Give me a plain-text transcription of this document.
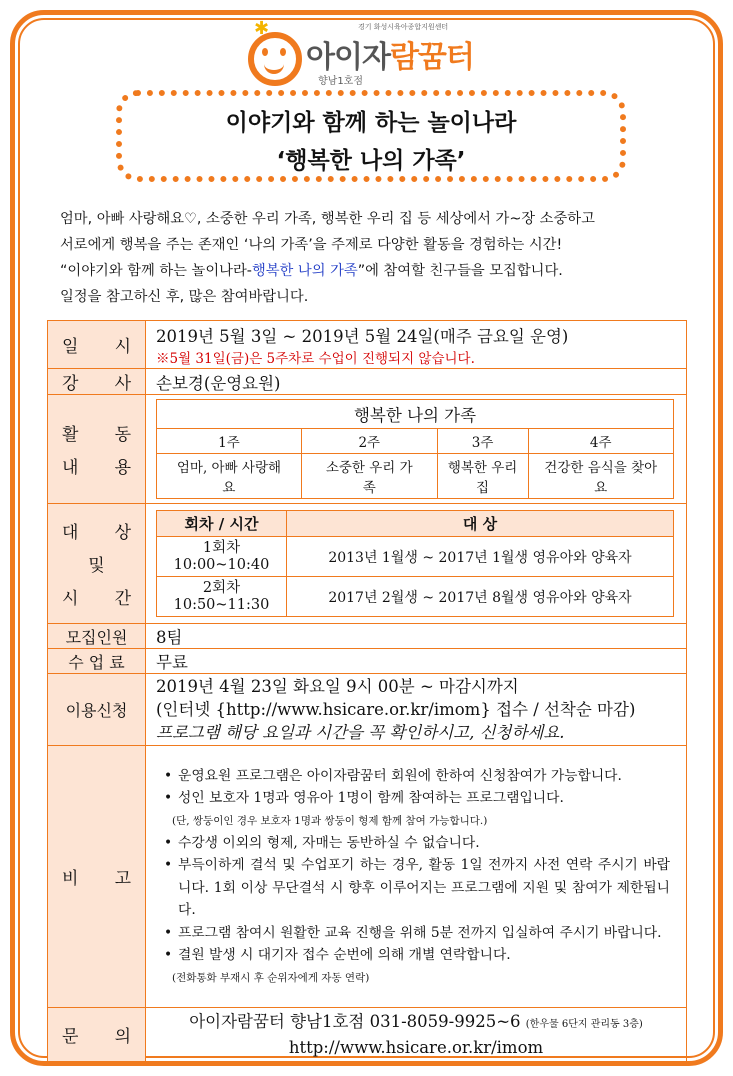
✱	경기 화성시육아종합지원센터
아이자람꿈터
향남1호점
이야기와 함께 하는 놀이나라
‘행복한 나의 가족’
엄마, 아빠 사랑해요♡, 소중한 우리 가족, 행복한 우리 집 등 세상에서 가~장 소중하고
서로에게 행복을 주는 존재인 ‘나의 가족’을 주제로 다양한 활동을 경험하는 시간!
“이야기와 함께 하는 놀이나라-행복한 나의 가족”에 참여할 친구들을 모집합니다.
일정을 참고하신 후, 많은 참여바랍니다.
일 시

2019년 5월 3일 ~ 2019년 5월 24일(매주 금요일 운영)
※5월 31일(금)은 5주차로 수업이 진행되지 않습니다.

강 사	손보경(운영요원)

활 동
내 용

행복한 나의 가족
1주	2주	3주	4주
엄마, 아빠 사랑해요	소중한 우리 가족	행복한 우리 집	건강한 음식을 찾아요

대 상
및
시 간

회차 / 시간	대 상

1회차
10:00~10:40	2013년 1월생 ~ 2017년 1월생 영유아와 양육자

2회차
10:50~11:30	2017년 2월생 ~ 2017년 8월생 영유아와 양육자

모집인원	8팀
수 업 료	무료
이용신청	
2019년 4월 23일 화요일 9시 00분 ~ 마감시까지
(인터넷 {http://www.hsicare.or.kr/imom} 접수 / 선착순 마감)
프로그램 해당 요일과 시간을 꼭 확인하시고, 신청하세요.

비 고

• 운영요원 프로그램은 아이자람꿈터 회원에 한하여 신청참여가 가능합니다.
• 성인 보호자 1명과 영유아 1명이 함께 참여하는 프로그램입니다.
(단, 쌍둥이인 경우 보호자 1명과 쌍둥이 형제 함께 참여 가능합니다.)
• 수강생 이외의 형제, 자매는 동반하실 수 없습니다.
• 부득이하게 결석 및 수업포기 하는 경우, 활동 1일 전까지 사전 연락 주시기 바랍니다. 1회 이상 무단결석 시 향후 이루어지는 프로그램에 지원 및 참여가 제한됩니다.
• 프로그램 참여시 원활한 교육 진행을 위해 5분 전까지 입실하여 주시기 바랍니다.
• 결원 발생 시 대기자 접수 순번에 의해 개별 연락합니다.
(전화통화 부재시 후 순위자에게 자동 연락)

문 의

아이자람꿈터 향남1호점 031-8059-9925~6 (한우물 6단지 관리동 3층)
http://www.hsicare.or.kr/imom
